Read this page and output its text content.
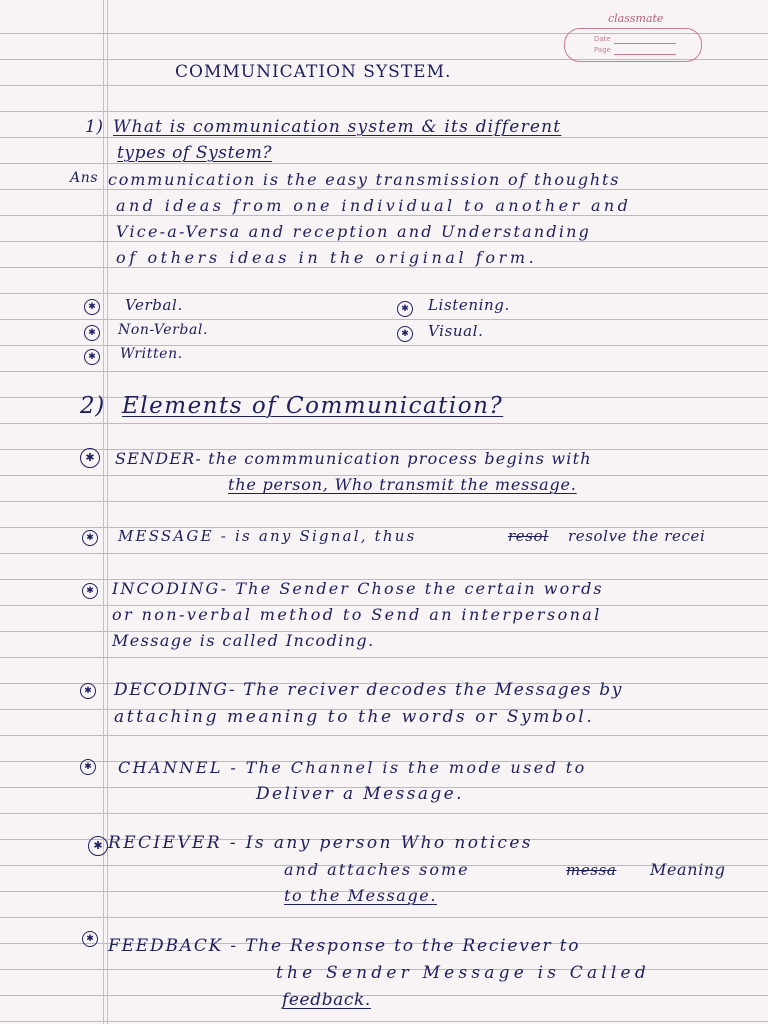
classmate
Date
Page
COMMUNICATION SYSTEM.
1) What is communication system & its different
types of System?
Ans communication is the easy transmission of thoughts
and ideas from one individual to another and
Vice-a-Versa and reception and Understanding
of others ideas in the original form.
✱ Verbal.
✱	Non-Verbal.
✱	Written.
✱ Listening.
✱ Visual.
2) Elements of Communication?
✱	SENDER- the commmunication process begins with
the person, Who transmit the message.
✱ MESSAGE - is any Signal, thus	resol resolve the recei
✱ INCODING- The Sender Chose the certain words
or non-verbal method to Send an interpersonal
Message is called Incoding.
✱ DECODING- The reciver decodes the Messages by
attaching meaning to the words or Symbol.
✱ CHANNEL - The Channel is the mode used to
Deliver a Message.
✱ RECIEVER - Is any person Who notices
and attaches some	messa Meaning
to the Message.
✱ FEEDBACK - The Response to the Reciever to
the Sender Message is Called
feedback.
